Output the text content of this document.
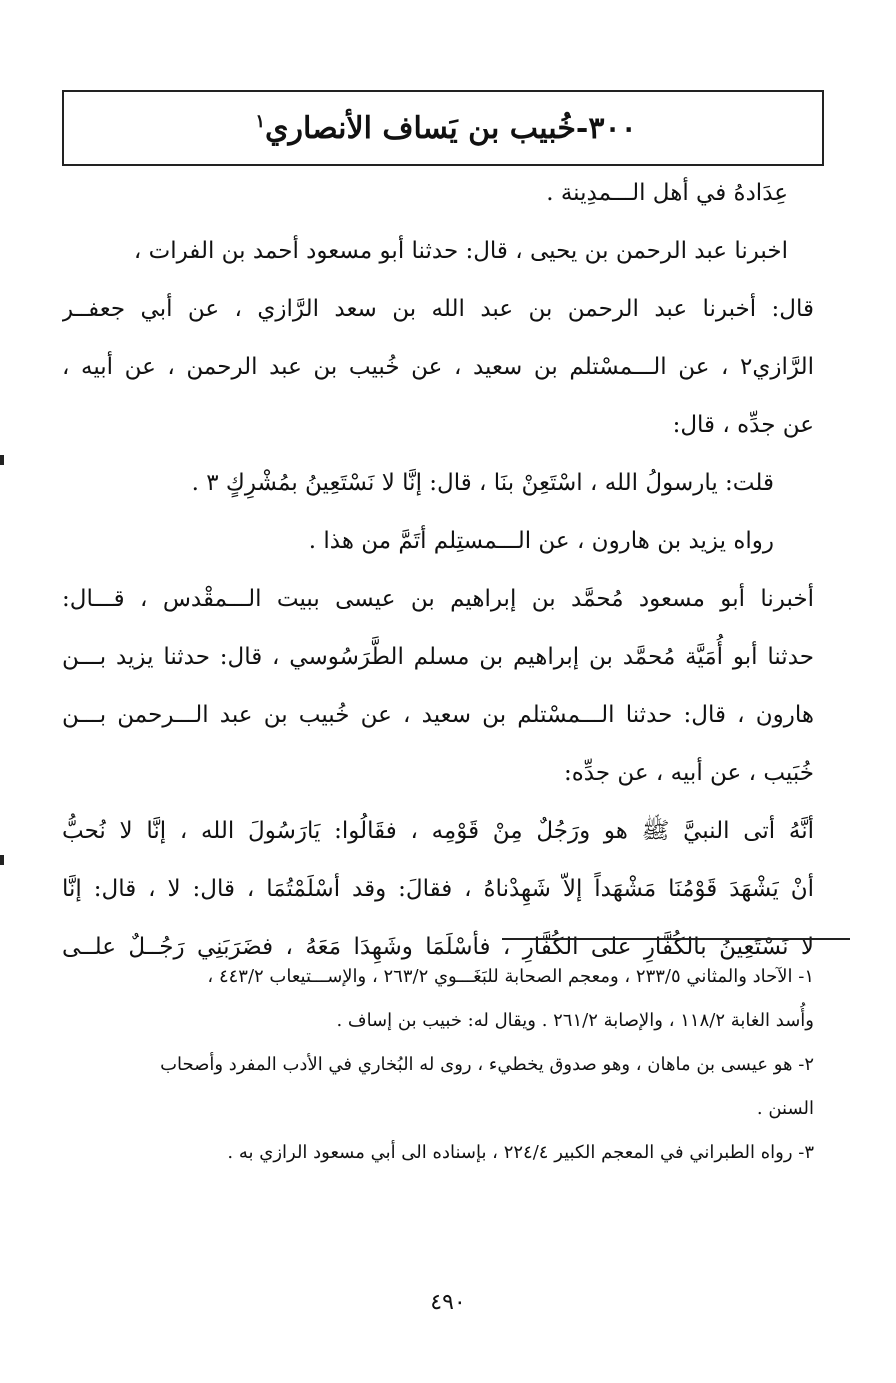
٣٠٠-خُبيب بن يَساف الأنصاري$^١$
عِدَادهُ في أهل الـــمدِينة .
اخبرنا عبد الرحمن بن يحيى ، قال: حدثنا أبو مسعود أحمد بن الفرات ،
قال: أخبرنا عبد الرحمن بن عبد الله بن سعد الرَّازي ، عن أبي جعفــر
الرَّازي٢ ، عن الـــمسْتلم بن سعيد ، عن خُبيب بن عبد الرحمن ، عن أبيه ،
عن جدِّه ، قال:
قلت: يارسولُ الله ، اسْتَعِنْ بنَا ، قال: إنَّا لا نَسْتَعِينُ بمُشْرِكٍ ٣ .
رواه يزيد بن هارون ، عن الـــمستِلم أتَمَّ من هذا .
أخبرنا أبو مسعود مُحمَّد بن إبراهيم بن عيسى ببيت الـــمقْدس ، قـــال:
حدثنا أبو أُمَيَّة مُحمَّد بن إبراهيم بن مسلم الطَّرَسُوسي ، قال: حدثنا يزيد بـــن
هارون ، قال: حدثنا الـــمسْتلم بن سعيد ، عن خُبيب بن عبد الـــرحمن بـــن
خُبَيب ، عن أبيه ، عن جدِّه:
أنَّهُ أتى النبيَّ ﷺ هو ورَجُلٌ مِنْ قَوْمِه ، فقَالُوا: يَارَسُولَ الله ، إنَّا لا نُحبُّ
أنْ يَشْهَدَ قَوْمُنَا مَشْهَداً إلاّ شَهِدْناهُ ، فقالَ: وقد أسْلَمْتُمَا ، قال: لا ، قال: إنَّا
لا نَسْتَعِينُ بالكُفَّارِ على الكُفَّارِ ، فأسْلَمَا وشَهِدَا مَعَهُ ، فضَرَبَنِي رَجُــلٌ علــى
١- الآحاد والمثاني ٢٣٣/٥ ، ومعجم الصحابة للبَغَـــوي ٢٦٣/٢ ، والإســـتيعاب ٤٤٣/٢ ،
وأُسد الغابة ١١٨/٢ ، والإصابة ٢٦١/٢ . ويقال له: خبيب بن إساف .
٢- هو عيسى بن ماهان ، وهو صدوق يخطيء ، روى له البُخاري في الأدب المفرد وأصحاب
السنن .
٣- رواه الطبراني في المعجم الكبير ٢٢٤/٤ ، بإسناده الى أبي مسعود الرازي به .
٤٩٠
